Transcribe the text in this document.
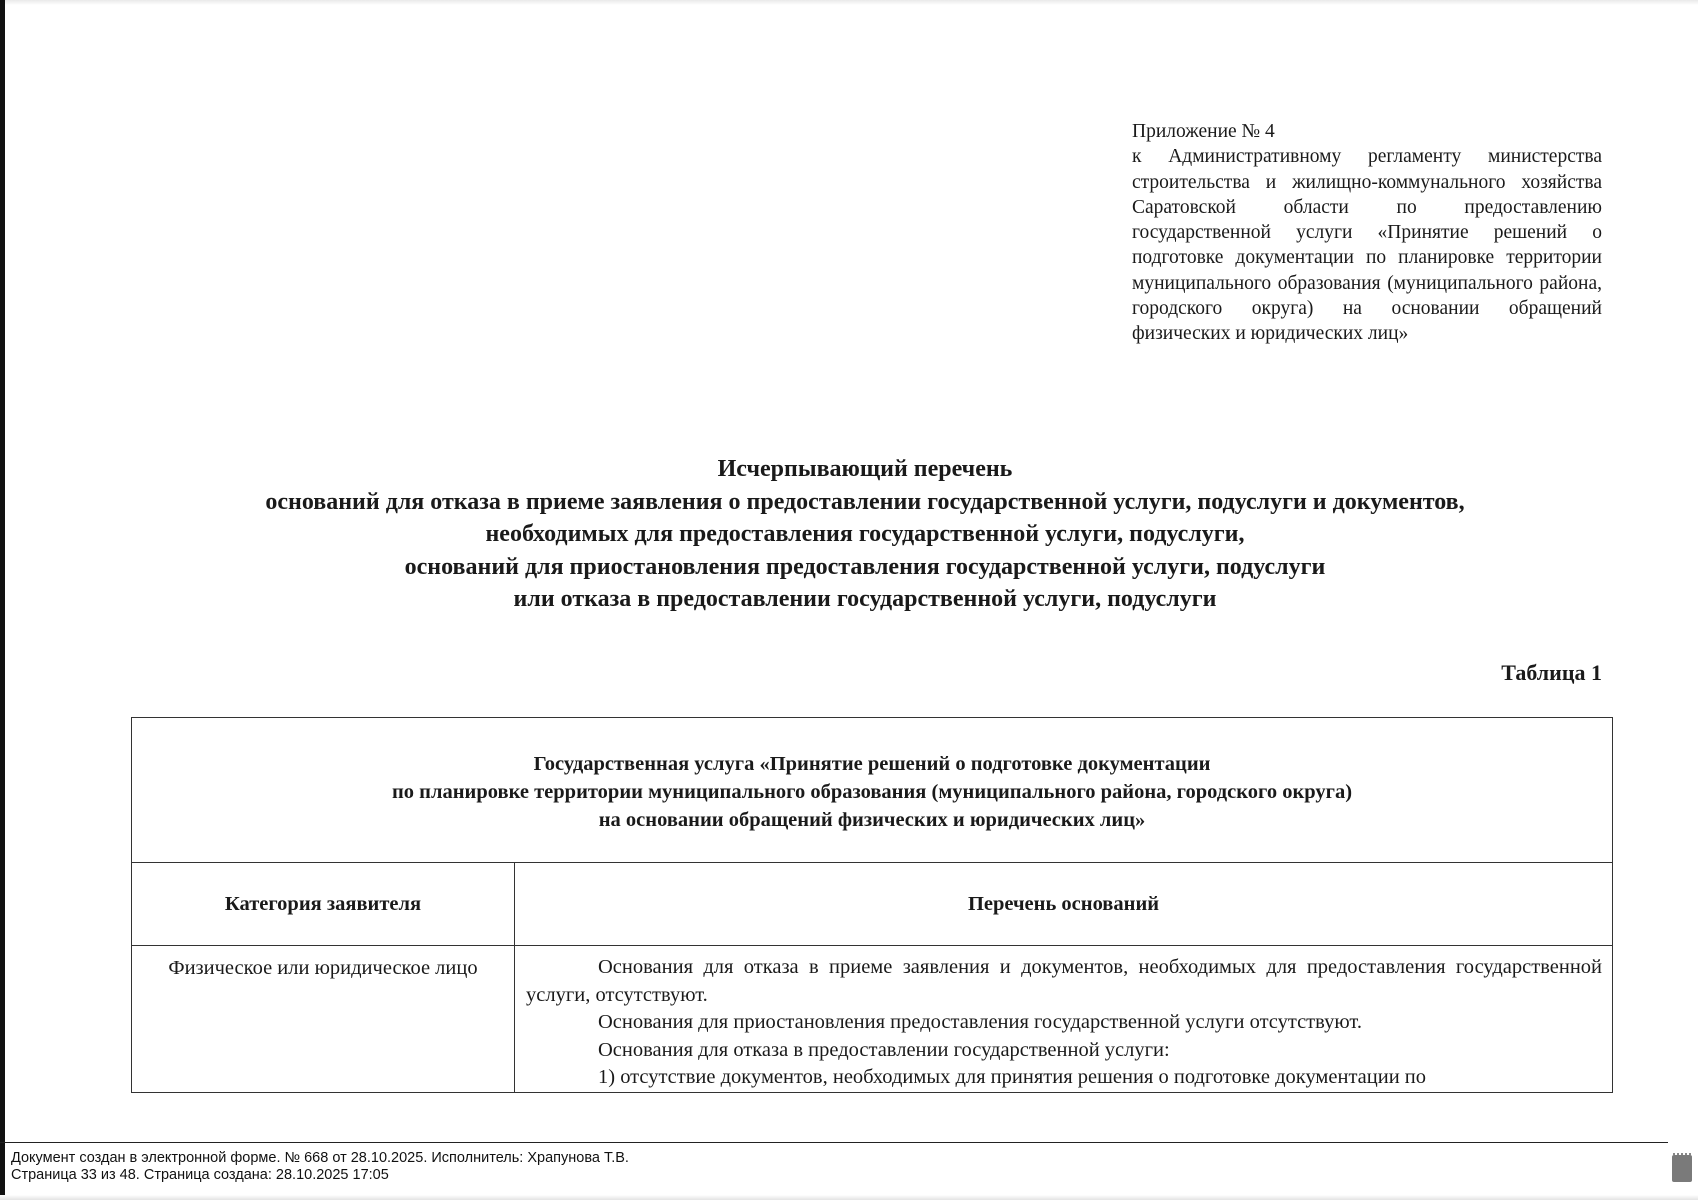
Приложение № 4
к Административному регламенту министерства строительства и жилищно-коммунального хозяйства Саратовской области по предоставлению государственной услуги «Принятие решений о подготовке документации по планировке территории муниципального образования (муниципального района, городского округа) на основании обращений физических и юридических лиц»
Исчерпывающий перечень
оснований для отказа в приеме заявления о предоставлении государственной услуги, подуслуги и документов,
необходимых для предоставления государственной услуги, подуслуги,
оснований для приостановления предоставления государственной услуги, подуслуги
или отказа в предоставлении государственной услуги, подуслуги
Таблица 1
Государственная услуга «Принятие решений о подготовке документации
по планировке территории муниципального образования (муниципального района, городского округа)
на основании обращений физических и юридических лиц»	

Категория заявителя	Перечень оснований
Физическое или юридическое лицо	Основания для отказа в приеме заявления и документов, необходимых для предоставления государственной услуги, отсутствуют.

Основания для приостановления предоставления государственной услуги отсутствуют.

Основания для отказа в предоставлении государственной услуги:

1) отсутствие документов, необходимых для принятия решения о подготовке документации по

Документ создан в электронной форме. № 668 от 28.10.2025. Исполнитель: Храпунова Т.В.
Страница 33 из 48. Страница создана: 28.10.2025 17:05
